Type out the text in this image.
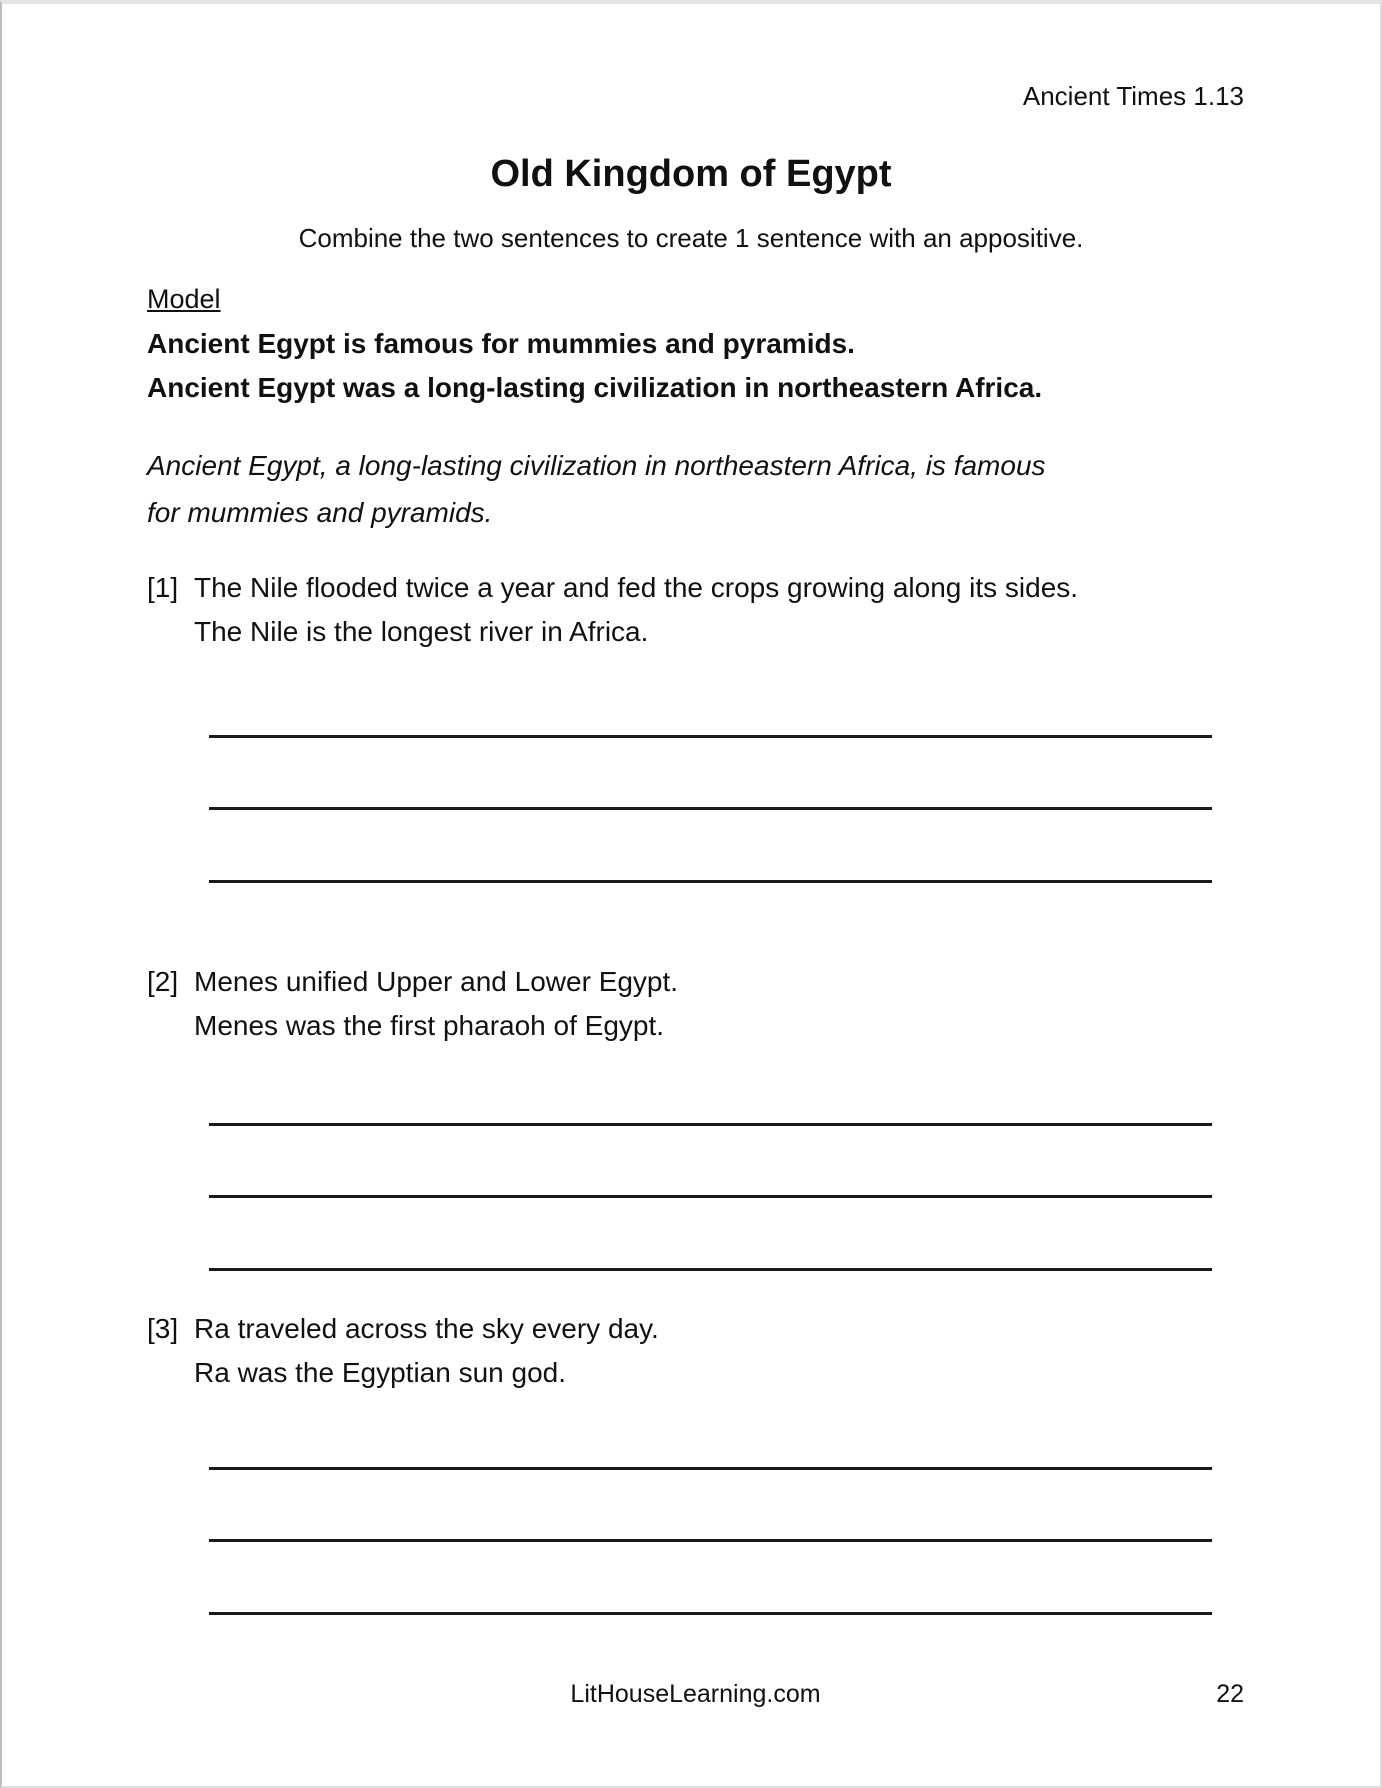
Ancient Times 1.13
Old Kingdom of Egypt
Combine the two sentences to create 1 sentence with an appositive.
Model
Ancient Egypt is famous for mummies and pyramids.
Ancient Egypt was a long-lasting civilization in northeastern Africa.
Ancient Egypt, a long-lasting civilization in northeastern Africa, is famous
for mummies and pyramids.
[1] The Nile flooded twice a year and fed the crops growing along its sides.
The Nile is the longest river in Africa.
[2] Menes unified Upper and Lower Egypt.
Menes was the first pharaoh of Egypt.
[3] Ra traveled across the sky every day.
Ra was the Egyptian sun god.
LitHouseLearning.com	22
